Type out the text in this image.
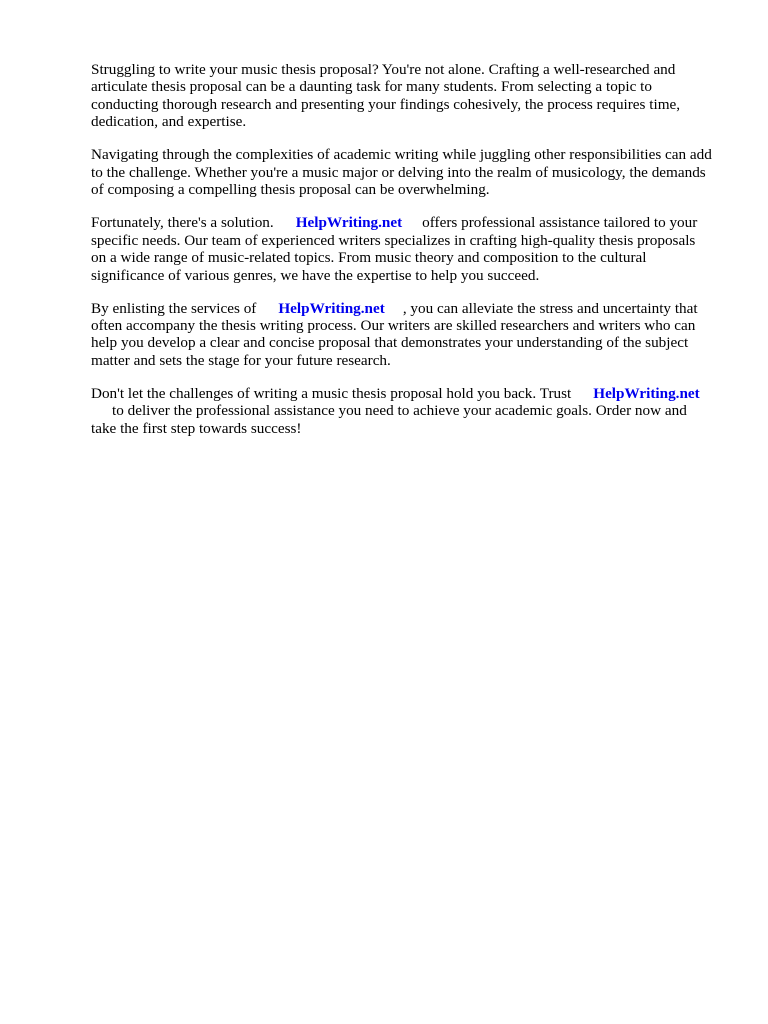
Struggling to write your music thesis proposal? You're not alone. Crafting a well-researched and
articulate thesis proposal can be a daunting task for many students. From selecting a topic to
conducting thorough research and presenting your findings cohesively, the process requires time,
dedication, and expertise.

Navigating through the complexities of academic writing while juggling other responsibilities can add
to the challenge. Whether you're a music major or delving into the realm of musicology, the demands
of composing a compelling thesis proposal can be overwhelming.

Fortunately, there's a solution. HelpWriting.net offers professional assistance tailored to your
specific needs. Our team of experienced writers specializes in crafting high-quality thesis proposals
on a wide range of music-related topics. From music theory and composition to the cultural
significance of various genres, we have the expertise to help you succeed.

By enlisting the services of HelpWriting.net , you can alleviate the stress and uncertainty that
often accompany the thesis writing process. Our writers are skilled researchers and writers who can
help you develop a clear and concise proposal that demonstrates your understanding of the subject
matter and sets the stage for your future research.

Don't let the challenges of writing a music thesis proposal hold you back. Trust HelpWriting.net
to deliver the professional assistance you need to achieve your academic goals. Order now and
take the first step towards success!
